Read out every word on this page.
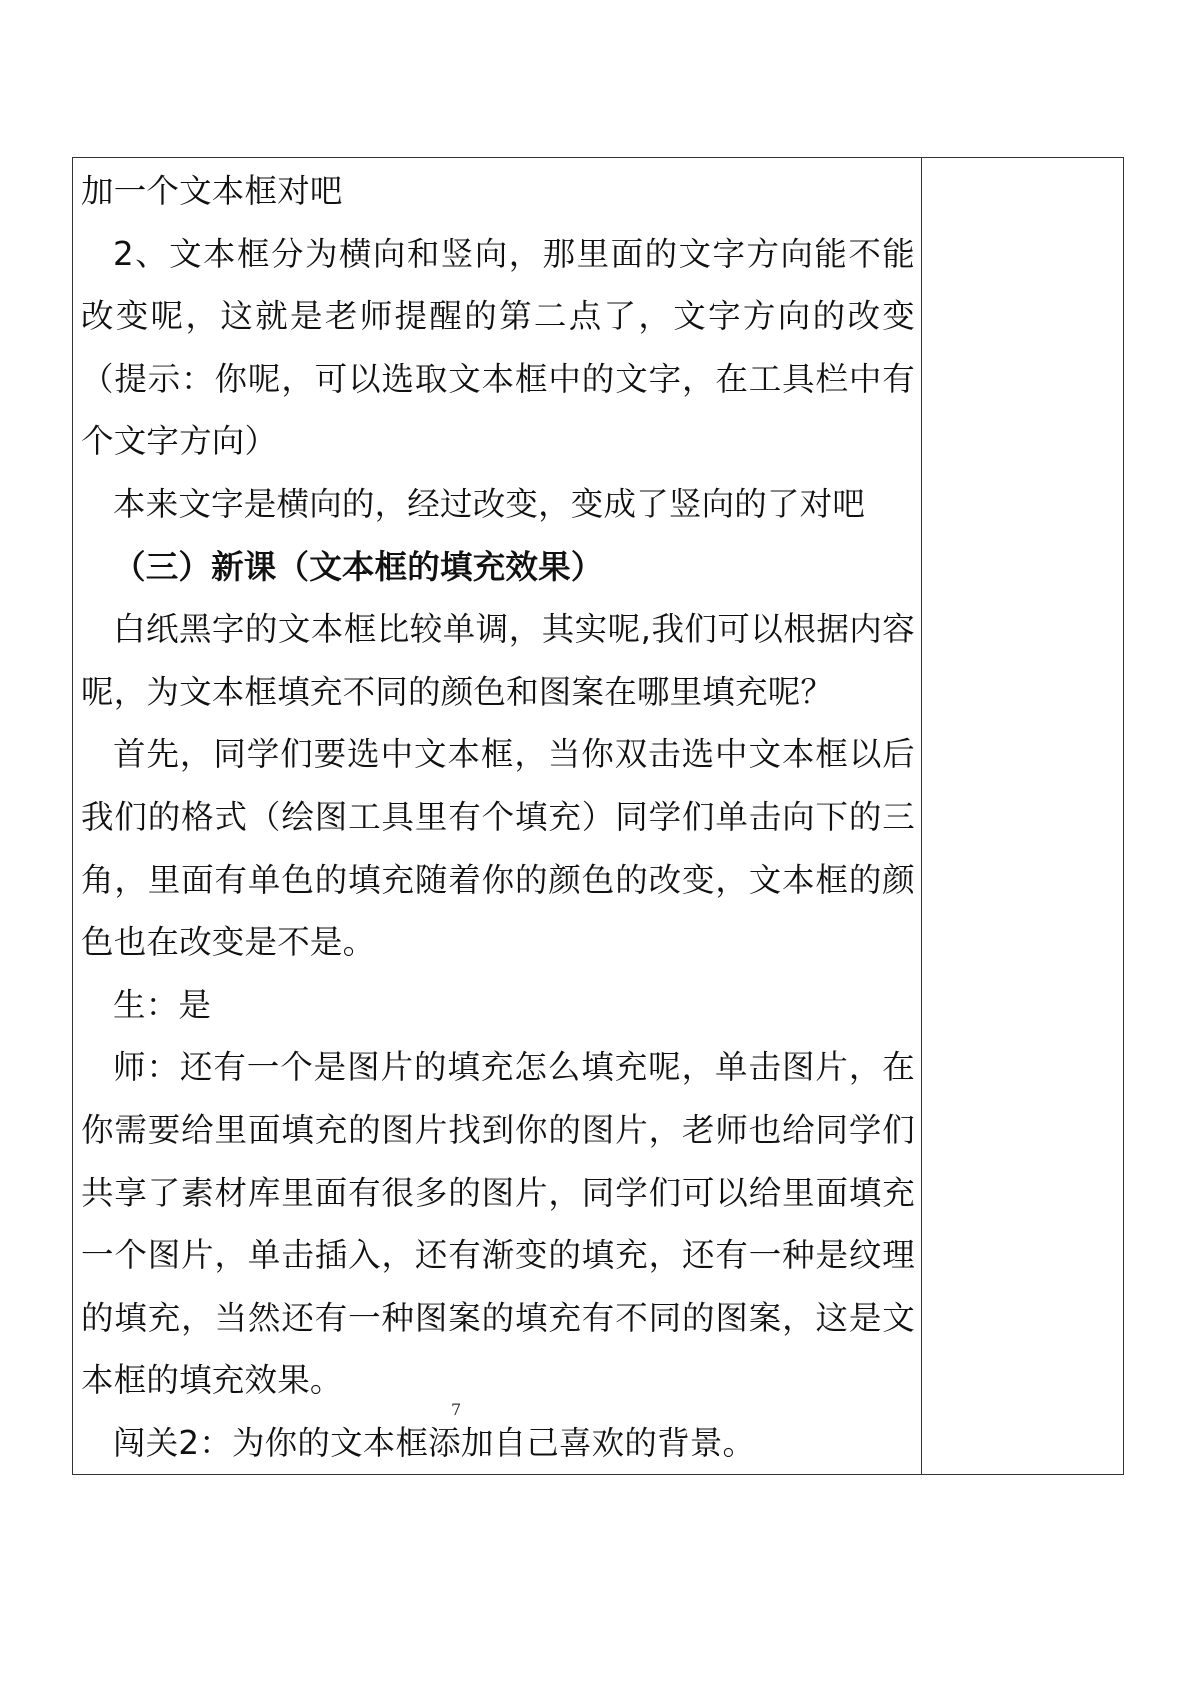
加一个文本框对吧

2、文本框分为横向和竖向，那里面的文字方向能不能改变呢，这就是老师提醒的第二点了，文字方向的改变（提示：你呢，可以选取文本框中的文字，在工具栏中有个文字方向）

本来文字是横向的，经过改变，变成了竖向的了对吧

（三）新课（文本框的填充效果）

白纸黑字的文本框比较单调，其实呢,我们可以根据内容呢，为文本框填充不同的颜色和图案在哪里填充呢？

首先，同学们要选中文本框，当你双击选中文本框以后我们的格式（绘图工具里有个填充）同学们单击向下的三角，里面有单色的填充随着你的颜色的改变，文本框的颜色也在改变是不是。

生：是

师：还有一个是图片的填充怎么填充呢，单击图片，在你需要给里面填充的图片找到你的图片，老师也给同学们共享了素材库里面有很多的图片，同学们可以给里面填充一个图片，单击插入，还有渐变的填充，还有一种是纹理的填充，当然还有一种图案的填充有不同的图案，这是文本框的填充效果。

闯关2：为你的文本框添加自己喜欢的背景。

7
